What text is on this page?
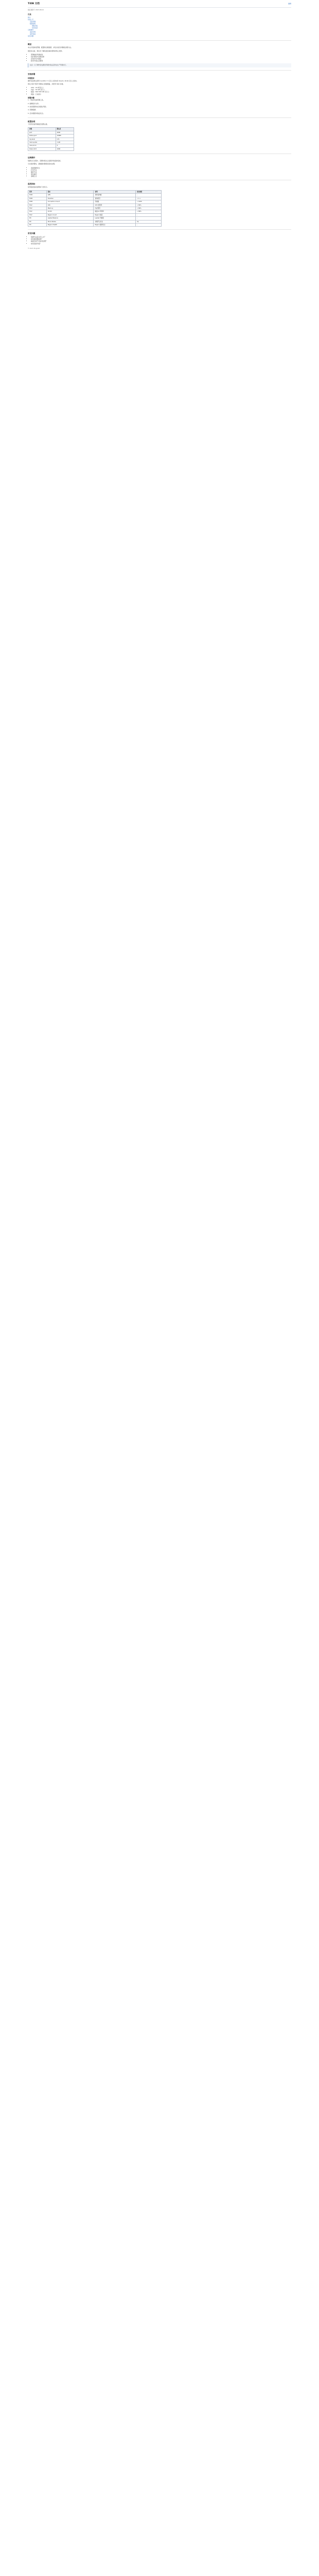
TiDB 文档	编辑
最后更新于 2023-08-01
目录
简介
快速上手
安装部署
配置说明
参数列表
系统变量
运维操作
监控告警
备份恢复
常见问题
概述

本文介绍如何部署、配置和运维集群，并给出常见问题的处理方法。

阅读本文前，建议先了解系统的基本架构和核心组件。

• 部署前的环境检查
• 拓扑规划与资源估算
• 在线扩容与缩容
• 版本升级注意事项
注意：以下操作需在测试环境中验证后再在生产环境执行。
安装部署
环境要求

操作系统建议使用 CentOS 7.3 及以上版本或 Ubuntu 18.04 及以上版本。

建议为每个组件分配独立的数据盘，并使用 SSD 存储。

• CPU：16 核及以上
• 内存：32 GB 及以上
• 磁盘：SSD 500 GB 及以上
• 网络：万兆网卡
部署步骤

1. 下载并安装部署工具。

2. 编辑拓扑文件。

3. 检查集群存在的潜在风险。

4. 部署集群。

5. 启动集群并验证状态。

配置说明

下表列出常用参数及其默认值。

参数	默认值
port	4000
status-port	10080
log.level	info
mem-quota	1 GB
max-procs	0
token-limit	1000
运维操作

集群运行过程中，需要持续关注各组件的监控指标。

当出现告警时，请根据告警级别及时处理。

• 查看集群状态
• 扩容节点
• 缩容节点
• 滚动重启
• 清理日志
监控指标

常用监控指标说明如下表所示。

组件	指标	说明	建议阈值
TiDB	QPS	每秒查询数	-
TiDB	Duration	查询延迟	< 1 s
TiDB	Connection Count	连接数	< 1000
TiKV	CPU	CPU 使用率	< 80%
TiKV	Memory	内存使用	< 80%
TiKV	IO Util	磁盘 IO 利用率	< 80%
TiKV	Region Count	Region 数量	-
PD	Leader Balance	Leader 均衡度	-
PD	Store Status	存储节点状态	Up
PD	Region Health	Region 健康状态	-
常见问题
• 集群无法启动怎么办？
• 如何排查慢查询？
• 磁盘空间不足如何处理？
• 如何回滚升级？
© 2023 PingCAP
